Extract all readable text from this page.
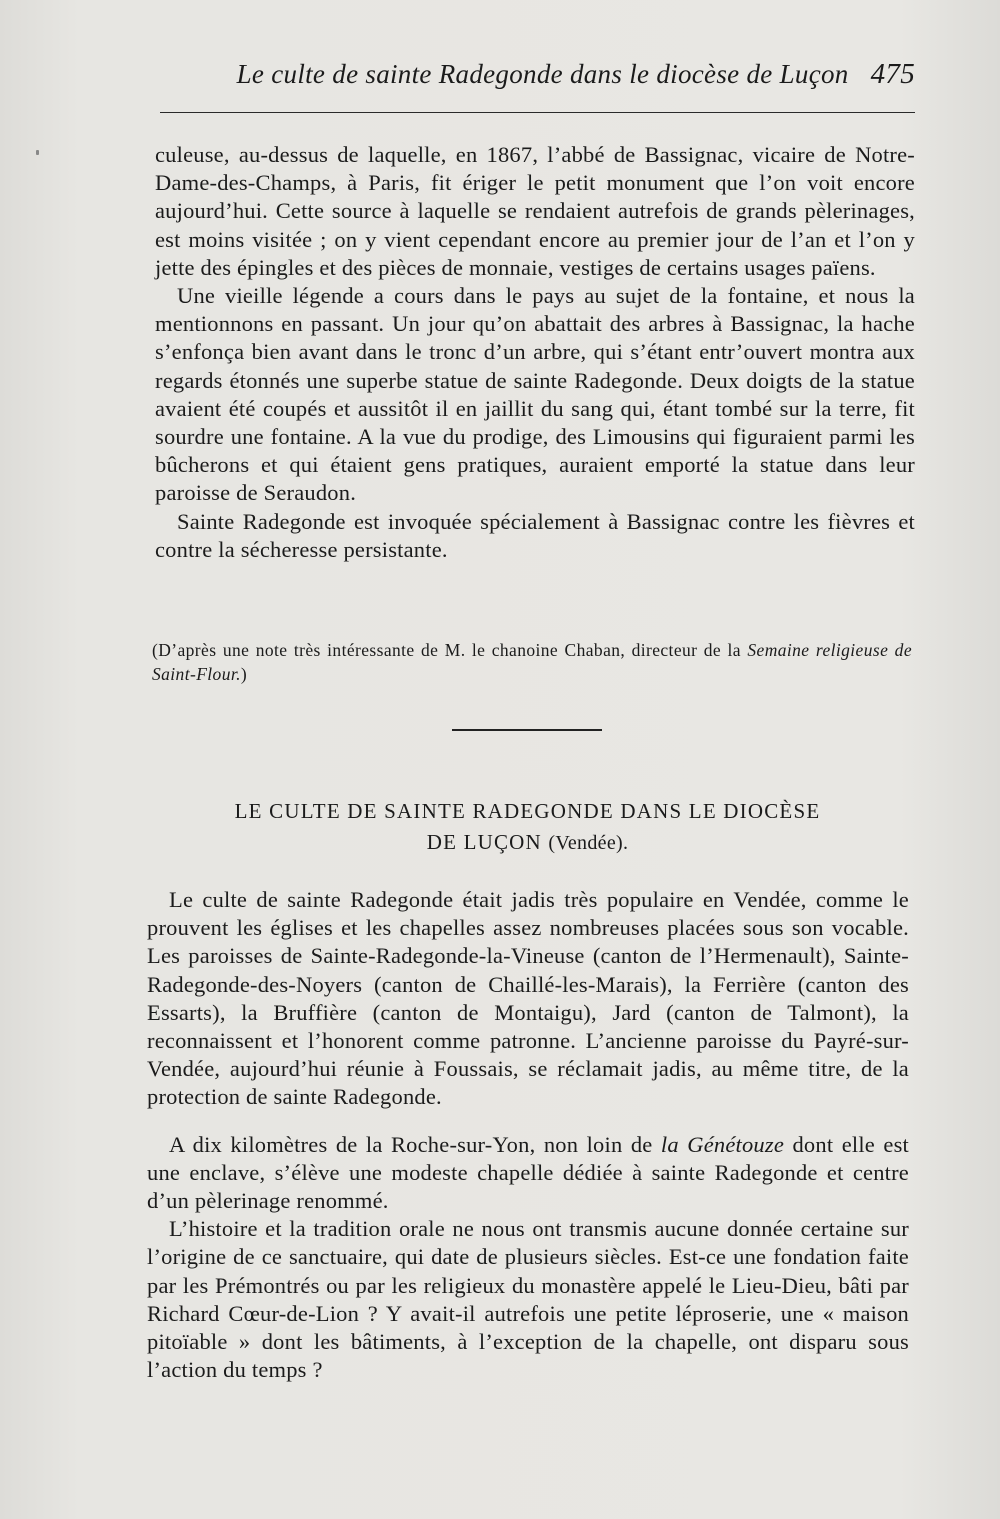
Le culte de sainte Radegonde dans le diocèse de Luçon 475

culeuse, au-dessus de laquelle, en 1867, l’abbé de Bassignac, vicaire de Notre-Dame-des-Champs, à Paris, fit ériger le petit monument que l’on voit encore aujourd’hui. Cette source à laquelle se rendaient autrefois de grands pèlerinages, est moins visitée ; on y vient cependant encore au premier jour de l’an et l’on y jette des épingles et des pièces de monnaie, vestiges de certains usages païens.

Une vieille légende a cours dans le pays au sujet de la fontaine, et nous la mentionnons en passant. Un jour qu’on abattait des arbres à Bassignac, la hache s’enfonça bien avant dans le tronc d’un arbre, qui s’étant entr’ouvert montra aux regards étonnés une superbe statue de sainte Radegonde. Deux doigts de la statue avaient été coupés et aussitôt il en jaillit du sang qui, étant tombé sur la terre, fit sourdre une fontaine. A la vue du prodige, des Limousins qui figuraient parmi les bûcherons et qui étaient gens pratiques, auraient emporté la statue dans leur paroisse de Seraudon.

Sainte Radegonde est invoquée spécialement à Bassignac contre les fièvres et contre la sécheresse persistante.

(D’après une note très intéressante de M. le chanoine Chaban, directeur de la Semaine religieuse de Saint-Flour.)
LE CULTE DE SAINTE RADEGONDE DANS LE DIOCÈSE
DE LUÇON (Vendée).

Le culte de sainte Radegonde était jadis très populaire en Vendée, comme le prouvent les églises et les chapelles assez nombreuses placées sous son vocable. Les paroisses de Sainte-Radegonde-la-Vineuse (canton de l’Hermenault), Sainte-Radegonde-des-Noyers (canton de Chaillé-les-Marais), la Ferrière (canton des Essarts), la Bruffière (canton de Montaigu), Jard (canton de Talmont), la reconnaissent et l’honorent comme patronne. L’ancienne paroisse du Payré-sur-Vendée, aujourd’hui réunie à Foussais, se réclamait jadis, au même titre, de la protection de sainte Radegonde.

A dix kilomètres de la Roche-sur-Yon, non loin de la Génétouze dont elle est une enclave, s’élève une modeste chapelle dédiée à sainte Radegonde et centre d’un pèlerinage renommé.

L’histoire et la tradition orale ne nous ont transmis aucune donnée certaine sur l’origine de ce sanctuaire, qui date de plusieurs siècles. Est-ce une fondation faite par les Prémontrés ou par les religieux du monastère appelé le Lieu-Dieu, bâti par Richard Cœur-de-Lion ? Y avait-il autrefois une petite léproserie, une « maison pitoïable » dont les bâtiments, à l’exception de la chapelle, ont disparu sous l’action du temps ?
